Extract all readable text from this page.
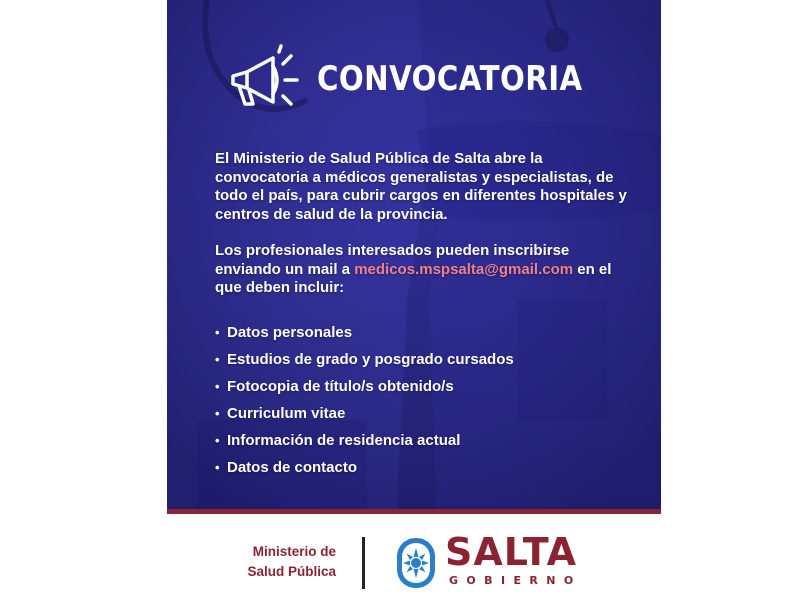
CONVOCATORIA
El Ministerio de Salud Pública de Salta abre la convocatoria a médicos generalistas y especialistas, de todo el país, para cubrir cargos en diferentes hospitales y centros de salud de la provincia.
Los profesionales interesados pueden inscribirse enviando un mail a medicos.mspsalta@gmail.com en el que deben incluir:
• Datos personales
• Estudios de grado y posgrado cursados
• Fotocopia de título/s obtenido/s
• Curriculum vitae
• Información de residencia actual
• Datos de contacto
Ministerio de
Salud Pública	SALTA
GOBIERNO
